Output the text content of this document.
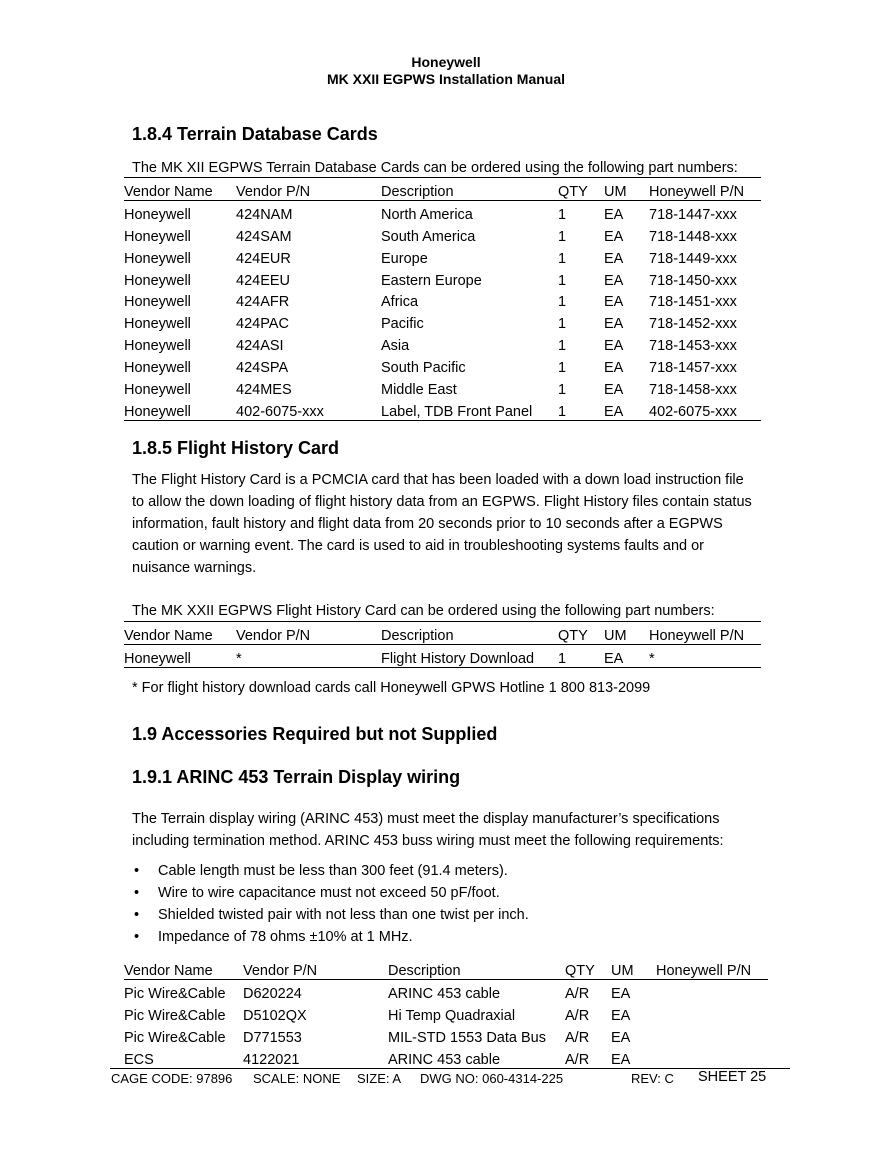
Honeywell
MK XXII EGPWS Installation Manual
1.8.4 Terrain Database Cards

The MK XII EGPWS Terrain Database Cards can be ordered using the following part numbers:

Vendor Name	Vendor P/N	Description	QTY	UM	Honeywell P/N
Honeywell	424NAM	North America	1	EA	718-1447-xxx
Honeywell	424SAM	South America	1	EA	718-1448-xxx
Honeywell	424EUR	Europe	1	EA	718-1449-xxx
Honeywell	424EEU	Eastern Europe	1	EA	718-1450-xxx
Honeywell	424AFR	Africa	1	EA	718-1451-xxx
Honeywell	424PAC	Pacific	1	EA	718-1452-xxx
Honeywell	424ASI	Asia	1	EA	718-1453-xxx
Honeywell	424SPA	South Pacific	1	EA	718-1457-xxx
Honeywell	424MES	Middle East	1	EA	718-1458-xxx
Honeywell	402-6075-xxx	Label, TDB Front Panel	1	EA	402-6075-xxx
1.8.5 Flight History Card
The Flight History Card is a PCMCIA card that has been loaded with a down load instruction file
to allow the down loading of flight history data from an EGPWS. Flight History files contain status
information, fault history and flight data from 20 seconds prior to 10 seconds after a EGPWS
caution or warning event. The card is used to aid in troubleshooting systems faults and or
nuisance warnings.

The MK XXII EGPWS Flight History Card can be ordered using the following part numbers:

Vendor Name	Vendor P/N	Description	QTY	UM	Honeywell P/N
Honeywell	*	Flight History Download	1	EA	*

* For flight history download cards call Honeywell GPWS Hotline 1 800 813-2099

1.9 Accessories Required but not Supplied
1.9.1 ARINC 453 Terrain Display wiring
The Terrain display wiring (ARINC 453) must meet the display manufacturer’s specifications
including termination method. ARINC 453 buss wiring must meet the following requirements:
• Cable length must be less than 300 feet (91.4 meters).
• Wire to wire capacitance must not exceed 50 pF/foot.
• Shielded twisted pair with not less than one twist per inch.
• Impedance of 78 ohms ±10% at 1 MHz.
Vendor Name	Vendor P/N	Description	QTY	UM	Honeywell P/N
Pic Wire&Cable	D620224	ARINC 453 cable	A/R	EA	
Pic Wire&Cable	D5102QX	Hi Temp Quadraxial	A/R	EA	
Pic Wire&Cable	D771553	MIL-STD 1553 Data Bus	A/R	EA	
ECS	4122021	ARINC 453 cable	A/R	EA	
CAGE CODE: 97896 SCALE: NONE SIZE: A DWG NO: 060-4314-225	REV: C SHEET 25
